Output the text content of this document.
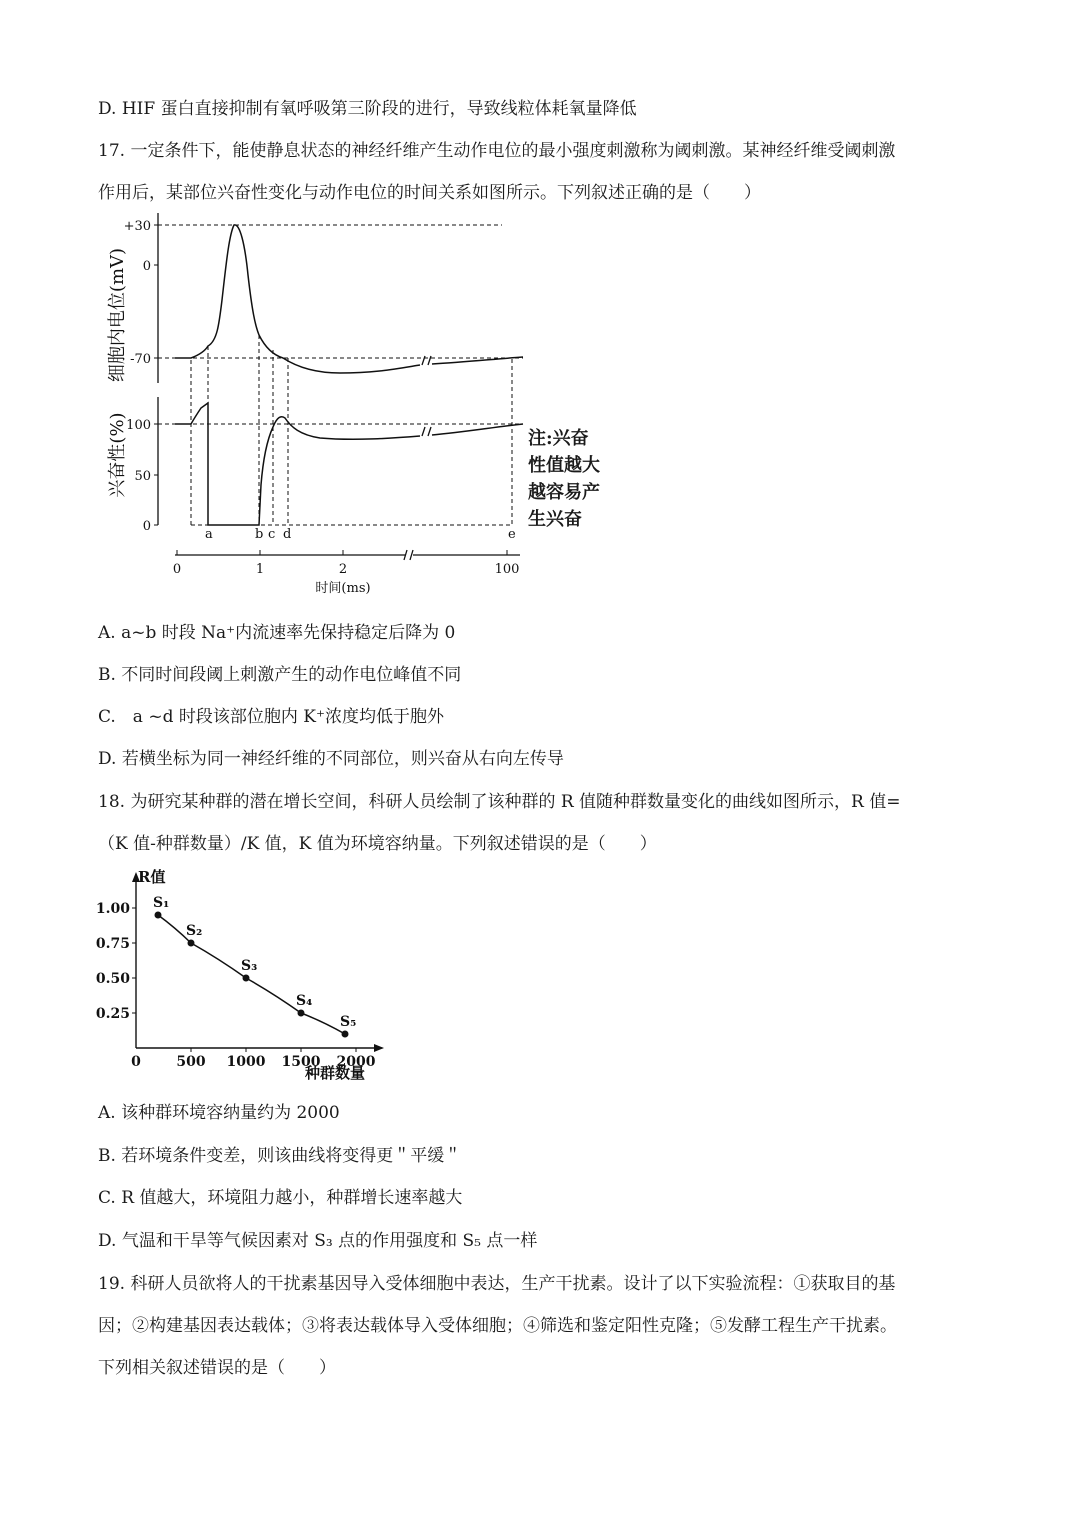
D. HIF 蛋白直接抑制有氧呼吸第三阶段的进行，导致线粒体耗氧量降低
17. 一定条件下，能使静息状态的神经纤维产生动作电位的最小强度刺激称为阈刺激。某神经纤维受阈刺激
作用后，某部位兴奋性变化与动作电位的时间关系如图所示。下列叙述正确的是（　　）
细胞内电位(mV)
+30
0
-70
兴奋性(%)
100
50
0
a	b c d	e
0	1	2	100
时间(ms)
注:兴奋
性值越大
越容易产
生兴奋
A. a~b 时段 Na⁺内流速率先保持稳定后降为 0
B. 不同时间段阈上刺激产生的动作电位峰值不同
C.　a ~d 时段该部位胞内 K⁺浓度均低于胞外
D. 若横坐标为同一神经纤维的不同部位，则兴奋从右向左传导
18. 为研究某种群的潜在增长空间，科研人员绘制了该种群的 R 值随种群数量变化的曲线如图所示，R 值=
（K 值-种群数量）/K 值，K 值为环境容纳量。下列叙述错误的是（　　）
R值
种群数量
1.00
0.75
0.50
0.25
0	500 1000 1500 2000
S₁
S₂
S₃
S₄
S₅
A. 该种群环境容纳量约为 2000
B. 若环境条件变差，则该曲线将变得更＂平缓＂
C. R 值越大，环境阻力越小，种群增长速率越大
D. 气温和干旱等气候因素对 S₃ 点的作用强度和 S₅ 点一样
19. 科研人员欲将人的干扰素基因导入受体细胞中表达，生产干扰素。设计了以下实验流程：①获取目的基
因；②构建基因表达载体；③将表达载体导入受体细胞；④筛选和鉴定阳性克隆；⑤发酵工程生产干扰素。
下列相关叙述错误的是（　　）
